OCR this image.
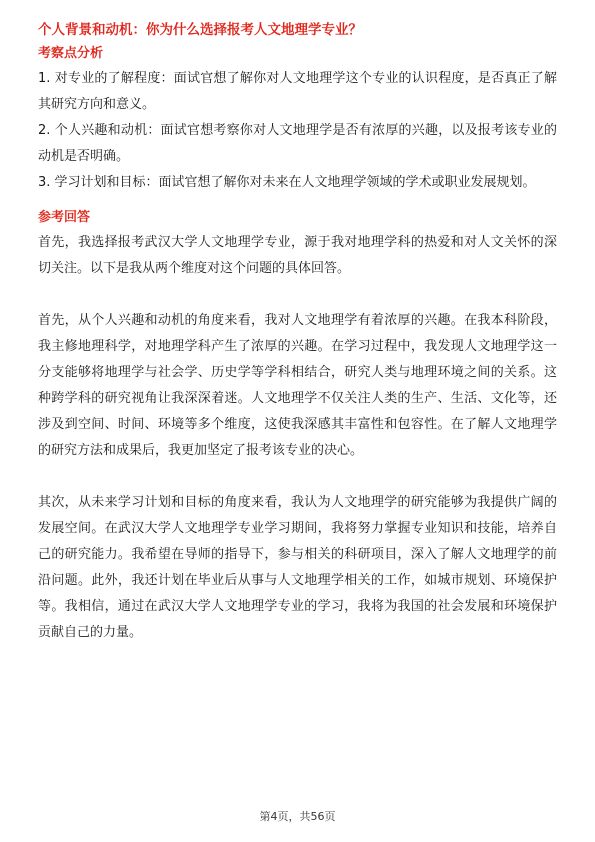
个人背景和动机：你为什么选择报考人文地理学专业？
考察点分析

1. 对专业的了解程度：面试官想了解你对人文地理学这个专业的认识程度，是否真正了解其研究方向和意义。

2. 个人兴趣和动机：面试官想考察你对人文地理学是否有浓厚的兴趣，以及报考该专业的动机是否明确。

3. 学习计划和目标：面试官想了解你对未来在人文地理学领域的学术或职业发展规划。

参考回答

首先，我选择报考武汉大学人文地理学专业，源于我对地理学科的热爱和对人文关怀的深切关注。以下是我从两个维度对这个问题的具体回答。

首先，从个人兴趣和动机的角度来看，我对人文地理学有着浓厚的兴趣。在我本科阶段，我主修地理科学，对地理学科产生了浓厚的兴趣。在学习过程中，我发现人文地理学这一分支能够将地理学与社会学、历史学等学科相结合，研究人类与地理环境之间的关系。这种跨学科的研究视角让我深深着迷。人文地理学不仅关注人类的生产、生活、文化等，还涉及到空间、时间、环境等多个维度，这使我深感其丰富性和包容性。在了解人文地理学的研究方法和成果后，我更加坚定了报考该专业的决心。

其次，从未来学习计划和目标的角度来看，我认为人文地理学的研究能够为我提供广阔的发展空间。在武汉大学人文地理学专业学习期间，我将努力掌握专业知识和技能，培养自己的研究能力。我希望在导师的指导下，参与相关的科研项目，深入了解人文地理学的前沿问题。此外，我还计划在毕业后从事与人文地理学相关的工作，如城市规划、环境保护等。我相信，通过在武汉大学人文地理学专业的学习，我将为我国的社会发展和环境保护贡献自己的力量。

第4页，共56页
